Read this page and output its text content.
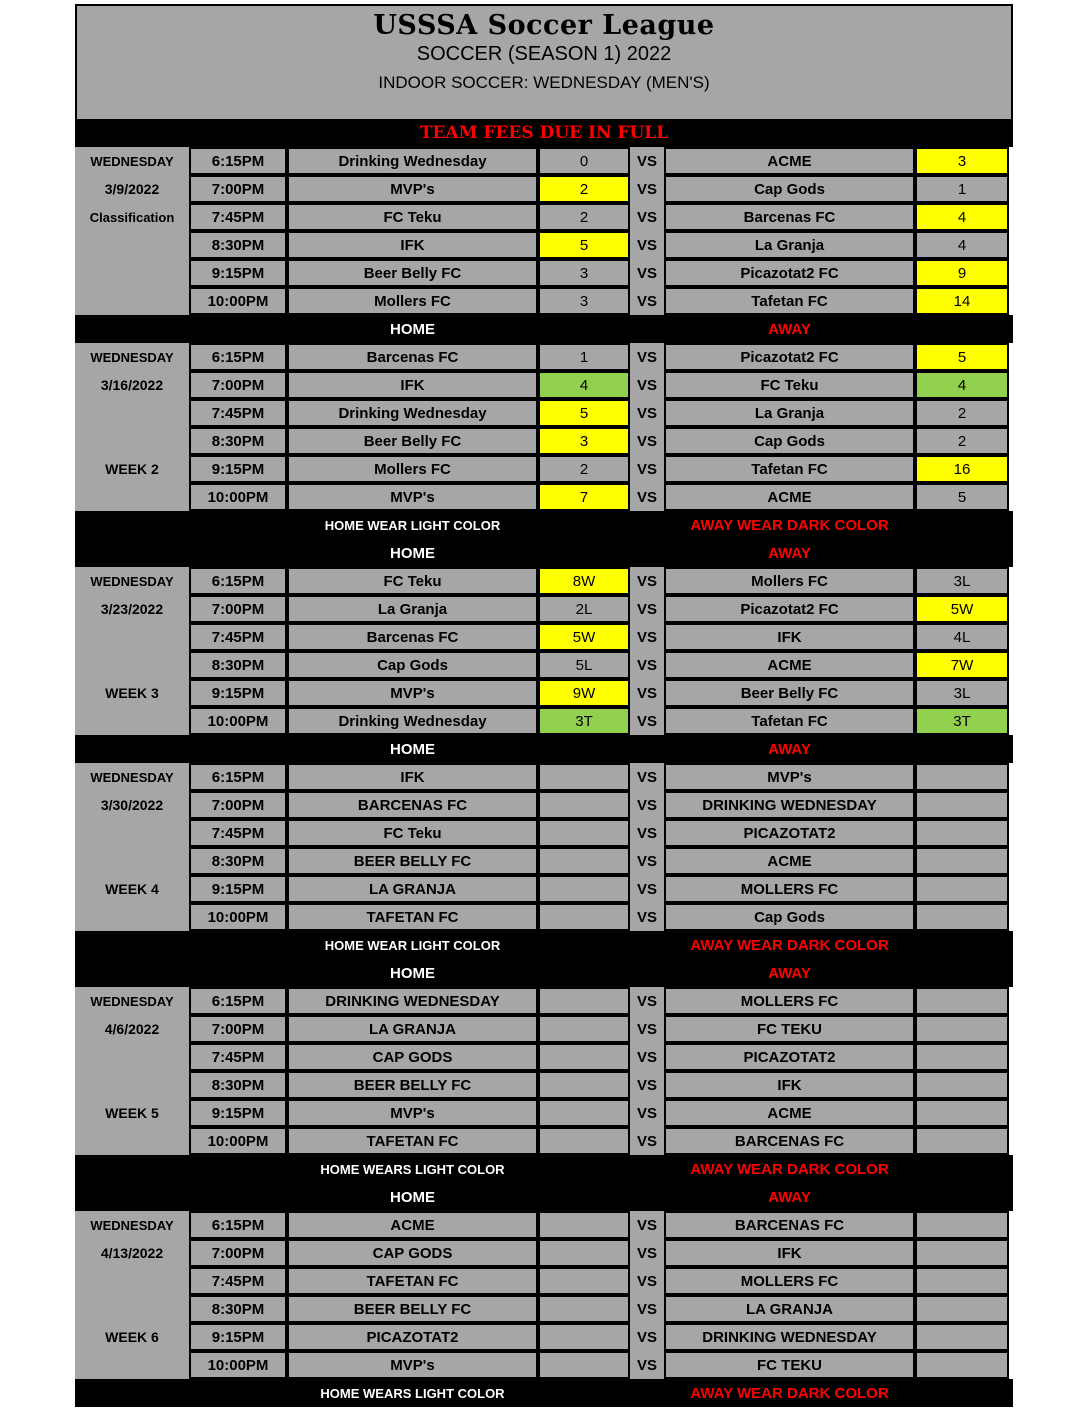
USSSA Soccer League
SOCCER (SEASON 1) 2022
INDOOR SOCCER: WEDNESDAY (MEN'S)
TEAM FEES DUE IN FULL
WEDNESDAY	6:15PM	Drinking Wednesday	0	VS	ACME	3
3/9/2022	7:00PM	MVP's	2	VS	Cap Gods	1
Classification	7:45PM	FC Teku	2	VS	Barcenas FC	4
8:30PM	IFK	5	VS	La Granja	4
9:15PM	Beer Belly FC	3	VS	Picazotat2 FC	9
10:00PM	Mollers FC	3	VS	Tafetan FC	14
HOME	AWAY
WEDNESDAY	6:15PM	Barcenas FC	1	VS	Picazotat2 FC	5
3/16/2022	7:00PM	IFK	4	VS	FC Teku	4
7:45PM	Drinking Wednesday	5	VS	La Granja	2
8:30PM	Beer Belly FC	3	VS	Cap Gods	2
WEEK 2	9:15PM	Mollers FC	2	VS	Tafetan FC	16
10:00PM	MVP's	7	VS	ACME	5
HOME WEAR LIGHT COLOR	AWAY WEAR DARK COLOR
HOME	AWAY
WEDNESDAY	6:15PM	FC Teku	8W	VS	Mollers FC	3L
3/23/2022	7:00PM	La Granja	2L	VS	Picazotat2 FC	5W
7:45PM	Barcenas FC	5W	VS	IFK	4L
8:30PM	Cap Gods	5L	VS	ACME	7W
WEEK 3	9:15PM	MVP's	9W	VS	Beer Belly FC	3L
10:00PM	Drinking Wednesday	3T	VS	Tafetan FC	3T
HOME	AWAY
WEDNESDAY	6:15PM	IFK	VS	MVP's
3/30/2022	7:00PM	BARCENAS FC	VS	DRINKING WEDNESDAY
7:45PM	FC Teku	VS	PICAZOTAT2
8:30PM	BEER BELLY FC	VS	ACME
WEEK 4	9:15PM	LA GRANJA	VS	MOLLERS FC
10:00PM	TAFETAN FC	VS	Cap Gods
HOME WEAR LIGHT COLOR	AWAY WEAR DARK COLOR
HOME	AWAY
WEDNESDAY	6:15PM	DRINKING WEDNESDAY	VS	MOLLERS FC
4/6/2022	7:00PM	LA GRANJA	VS	FC TEKU
7:45PM	CAP GODS	VS	PICAZOTAT2
8:30PM	BEER BELLY FC	VS	IFK
WEEK 5	9:15PM	MVP's	VS	ACME
10:00PM	TAFETAN FC	VS	BARCENAS FC
HOME WEARS LIGHT COLOR	AWAY WEAR DARK COLOR
HOME	AWAY
WEDNESDAY	6:15PM	ACME	VS	BARCENAS FC
4/13/2022	7:00PM	CAP GODS	VS	IFK
7:45PM	TAFETAN FC	VS	MOLLERS FC
8:30PM	BEER BELLY FC	VS	LA GRANJA
WEEK 6	9:15PM	PICAZOTAT2	VS	DRINKING WEDNESDAY
10:00PM	MVP's	VS	FC TEKU
HOME WEARS LIGHT COLOR	AWAY WEAR DARK COLOR
